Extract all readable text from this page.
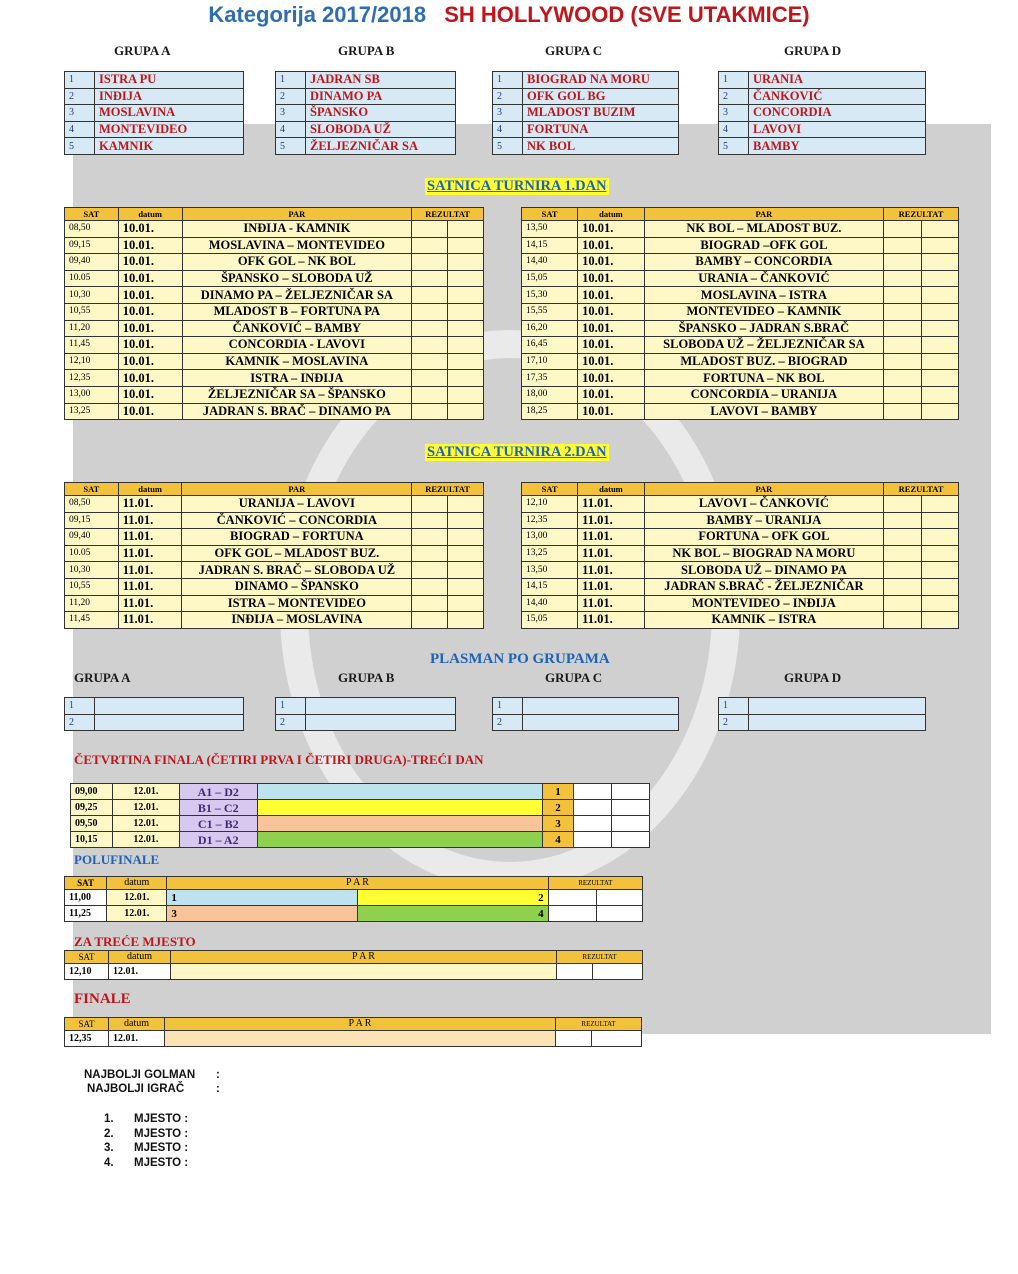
Kategorija 2017/2018 SH HOLLYWOOD (SVE UTAKMICE)
GRUPA A	GRUPA B	GRUPA C	GRUPA D
1	ISTRA PU
2	INĐIJA
3	MOSLAVINA
4	MONTEVIDEO
5	KAMNIK
1	JADRAN SB
2	DINAMO PA
3	ŠPANSKO
4	SLOBODA UŽ
5	ŽELJEZNIČAR SA
1	BIOGRAD NA MORU
2	OFK GOL BG
3	MLADOST BUZIM
4	FORTUNA
5	NK BOL
1	URANIA
2	ČANKOVIĆ
3	CONCORDIA
4	LAVOVI
5	BAMBY
SATNICA TURNIRA 1.DAN
SAT	datum	PAR	REZULTAT	
08,50	10.01.	INĐIJA - KAMNIK		
09,15	10.01.	MOSLAVINA – MONTEVIDEO		
09,40	10.01.	OFK GOL – NK BOL		
10.05	10.01.	ŠPANSKO – SLOBODA UŽ		
10,30	10.01.	DINAMO PA – ŽELJEZNIČAR SA		
10,55	10.01.	MLADOST B – FORTUNA PA		
11,20	10.01.	ČANKOVIĆ – BAMBY		
11,45	10.01.	CONCORDIA - LAVOVI		
12,10	10.01.	KAMNIK – MOSLAVINA		
12,35	10.01.	ISTRA – INĐIJA		
13,00	10.01.	ŽELJEZNIČAR SA – ŠPANSKO		
13,25	10.01.	JADRAN S. BRAČ – DINAMO PA		
SAT	datum	PAR	REZULTAT	
13,50	10.01.	NK BOL – MLADOST BUZ.		
14,15	10.01.	BIOGRAD –OFK GOL		
14,40	10.01.	BAMBY – CONCORDIA		
15,05	10.01.	URANIA – ČANKOVIĆ		
15,30	10.01.	MOSLAVINA – ISTRA		
15,55	10.01.	MONTEVIDEO – KAMNIK		
16,20	10.01.	ŠPANSKO – JADRAN S.BRAČ		
16,45	10.01.	SLOBODA UŽ – ŽELJEZNIČAR SA		
17,10	10.01.	MLADOST BUZ. – BIOGRAD		
17,35	10.01.	FORTUNA – NK BOL		
18,00	10.01.	CONCORDIA – URANIJA		
18,25	10.01.	LAVOVI – BAMBY		
SATNICA TURNIRA 2.DAN
SAT	datum	PAR	REZULTAT	
08,50	11.01.	URANIJA – LAVOVI		
09,15	11.01.	ČANKOVIĆ – CONCORDIA		
09,40	11.01.	BIOGRAD – FORTUNA		
10.05	11.01.	OFK GOL – MLADOST BUZ.		
10,30	11.01.	JADRAN S. BRAČ – SLOBODA UŽ		
10,55	11.01.	DINAMO – ŠPANSKO		
11,20	11.01.	ISTRA – MONTEVIDEO		
11,45	11.01.	INĐIJA – MOSLAVINA		
SAT	datum	PAR	REZULTAT	
12,10	11.01.	LAVOVI – ČANKOVIĆ		
12,35	11.01.	BAMBY – URANIJA		
13,00	11.01.	FORTUNA – OFK GOL		
13,25	11.01.	NK BOL – BIOGRAD NA MORU		
13,50	11.01.	SLOBODA UŽ – DINAMO PA		
14,15	11.01.	JADRAN S.BRAČ - ŽELJEZNIČAR		
14,40	11.01.	MONTEVIDEO – INĐIJA		
15,05	11.01.	KAMNIK – ISTRA		
PLASMAN PO GRUPAMA
GRUPA A	GRUPA B	GRUPA C	GRUPA D
1	
2	
1	
2	
1	
2	
1	
2	
ČETVRTINA FINALA (ČETIRI PRVA I ČETIRI DRUGA)-TREĆI DAN
09,00	12.01.	A1 – D2		1		
09,25	12.01.	B1 – C2		2		
09,50	12.01.	C1 – B2		3		
10,15	12.01.	D1 – A2		4		
POLUFINALE
SAT	datum	P A R		REZULTAT	
11,00	12.01.	1	2		
11,25	12.01.	3	4		
ZA TREĆE MJESTO
SAT	datum	P A R	REZULTAT	
12,10	12.01.			
FINALE
SAT	datum	P A R	REZULTAT	
12,35	12.01.			
NAJBOLJI GOLMAN :
NAJBOLJI IGRAČ	:
1. MJESTO :
2. MJESTO :
3. MJESTO :
4. MJESTO :
